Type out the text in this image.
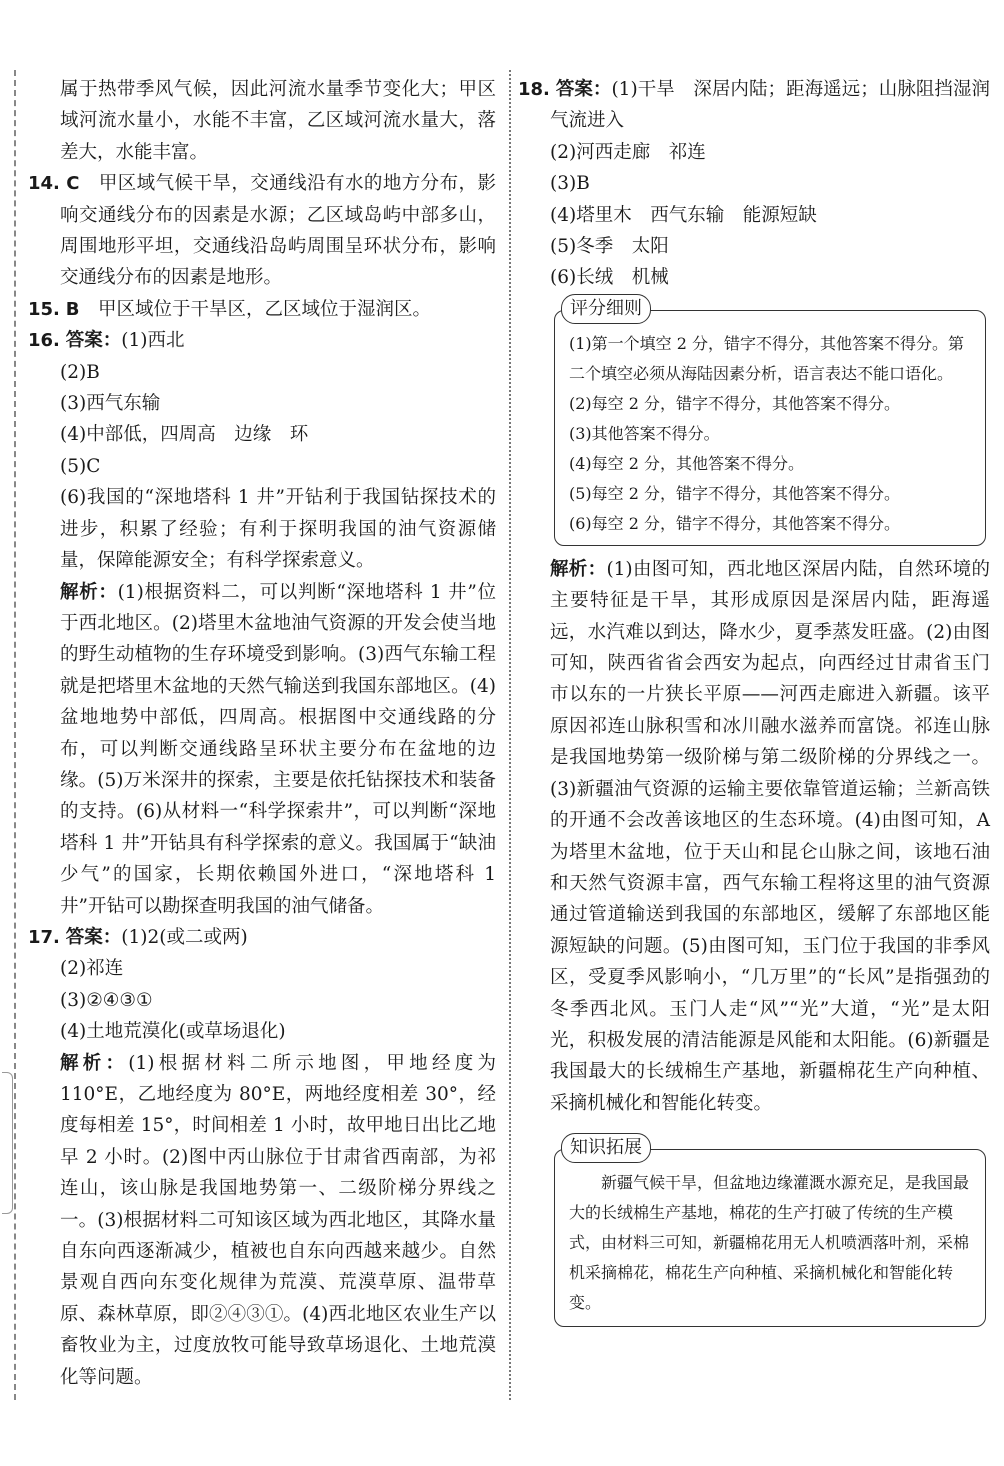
属于热带季风气候，因此河流水量季节变化大；甲区域河流水量小，水能不丰富，乙区域河流水量大，落差大，水能丰富。

14. C　 甲区域气候干旱，交通线沿有水的地方分布，影响交通线分布的因素是水源；乙区域岛屿中部多山，周围地形平坦，交通线沿岛屿周围呈环状分布，影响交通线分布的因素是地形。

15. B　 甲区域位于干旱区，乙区域位于湿润区。

16. 答案：(1)西北

(2)B

(3)西气东输

(4)中部低，四周高　边缘　环

(5)C

(6)我国的“深地塔科 1 井”开钻利于我国钻探技术的进步，积累了经验；有利于探明我国的油气资源储量，保障能源安全；有科学探索意义。

解析：(1)根据资料二，可以判断“深地塔科 1 井”位于西北地区。(2)塔里木盆地油气资源的开发会使当地的野生动植物的生存环境受到影响。(3)西气东输工程就是把塔里木盆地的天然气输送到我国东部地区。(4)盆地地势中部低，四周高。根据图中交通线路的分布，可以判断交通线路呈环状主要分布在盆地的边缘。(5)万米深井的探索，主要是依托钻探技术和装备的支持。(6)从材料一“科学探索井”，可以判断“深地塔科 1 井”开钻具有科学探索的意义。我国属于“缺油少气”的国家，长期依赖国外进口，“深地塔科 1 井”开钻可以勘探查明我国的油气储备。

17. 答案：(1)2(或二或两)

(2)祁连

(3)②④③①

(4)土地荒漠化(或草场退化)

解析：(1)根据材料二所示地图，甲地经度为 110°E，乙地经度为 80°E，两地经度相差 30°，经度每相差 15°，时间相差 1 小时，故甲地日出比乙地早 2 小时。(2)图中丙山脉位于甘肃省西南部，为祁连山，该山脉是我国地势第一、二级阶梯分界线之一。(3)根据材料二可知该区域为西北地区，其降水量自东向西逐渐减少，植被也自东向西越来越少。自然景观自西向东变化规律为荒漠、荒漠草原、温带草原、森林草原，即②④③①。(4)西北地区农业生产以畜牧业为主，过度放牧可能导致草场退化、土地荒漠化等问题。

18. 答案：(1)干旱　深居内陆；距海遥远；山脉阻挡湿润气流进入

(2)河西走廊　祁连

(3)B

(4)塔里木　西气东输　能源短缺

(5)冬季　太阳

(6)长绒　机械

评分细则

(1)第一个填空 2 分，错字不得分，其他答案不得分。第二个填空必须从海陆因素分析，语言表达不能口语化。

(2)每空 2 分，错字不得分，其他答案不得分。

(3)其他答案不得分。

(4)每空 2 分，其他答案不得分。

(5)每空 2 分，错字不得分，其他答案不得分。

(6)每空 2 分，错字不得分，其他答案不得分。

解析：(1)由图可知，西北地区深居内陆，自然环境的主要特征是干旱，其形成原因是深居内陆，距海遥远，水汽难以到达，降水少，夏季蒸发旺盛。(2)由图可知，陕西省省会西安为起点，向西经过甘肃省玉门市以东的一片狭长平原——河西走廊进入新疆。该平原因祁连山脉积雪和冰川融水滋养而富饶。祁连山脉是我国地势第一级阶梯与第二级阶梯的分界线之一。(3)新疆油气资源的运输主要依靠管道运输；兰新高铁的开通不会改善该地区的生态环境。(4)由图可知，A 为塔里木盆地，位于天山和昆仑山脉之间，该地石油和天然气资源丰富，西气东输工程将这里的油气资源通过管道输送到我国的东部地区，缓解了东部地区能源短缺的问题。(5)由图可知，玉门位于我国的非季风区，受夏季风影响小，“几万里”的“长风”是指强劲的冬季西北风。玉门人走“风”“光”大道，“光”是太阳光，积极发展的清洁能源是风能和太阳能。(6)新疆是我国最大的长绒棉生产基地，新疆棉花生产向种植、采摘机械化和智能化转变。

知识拓展

新疆气候干旱，但盆地边缘灌溉水源充足，是我国最大的长绒棉生产基地，棉花的生产打破了传统的生产模式，由材料三可知，新疆棉花用无人机喷洒落叶剂，采棉机采摘棉花，棉花生产向种植、采摘机械化和智能化转变。
